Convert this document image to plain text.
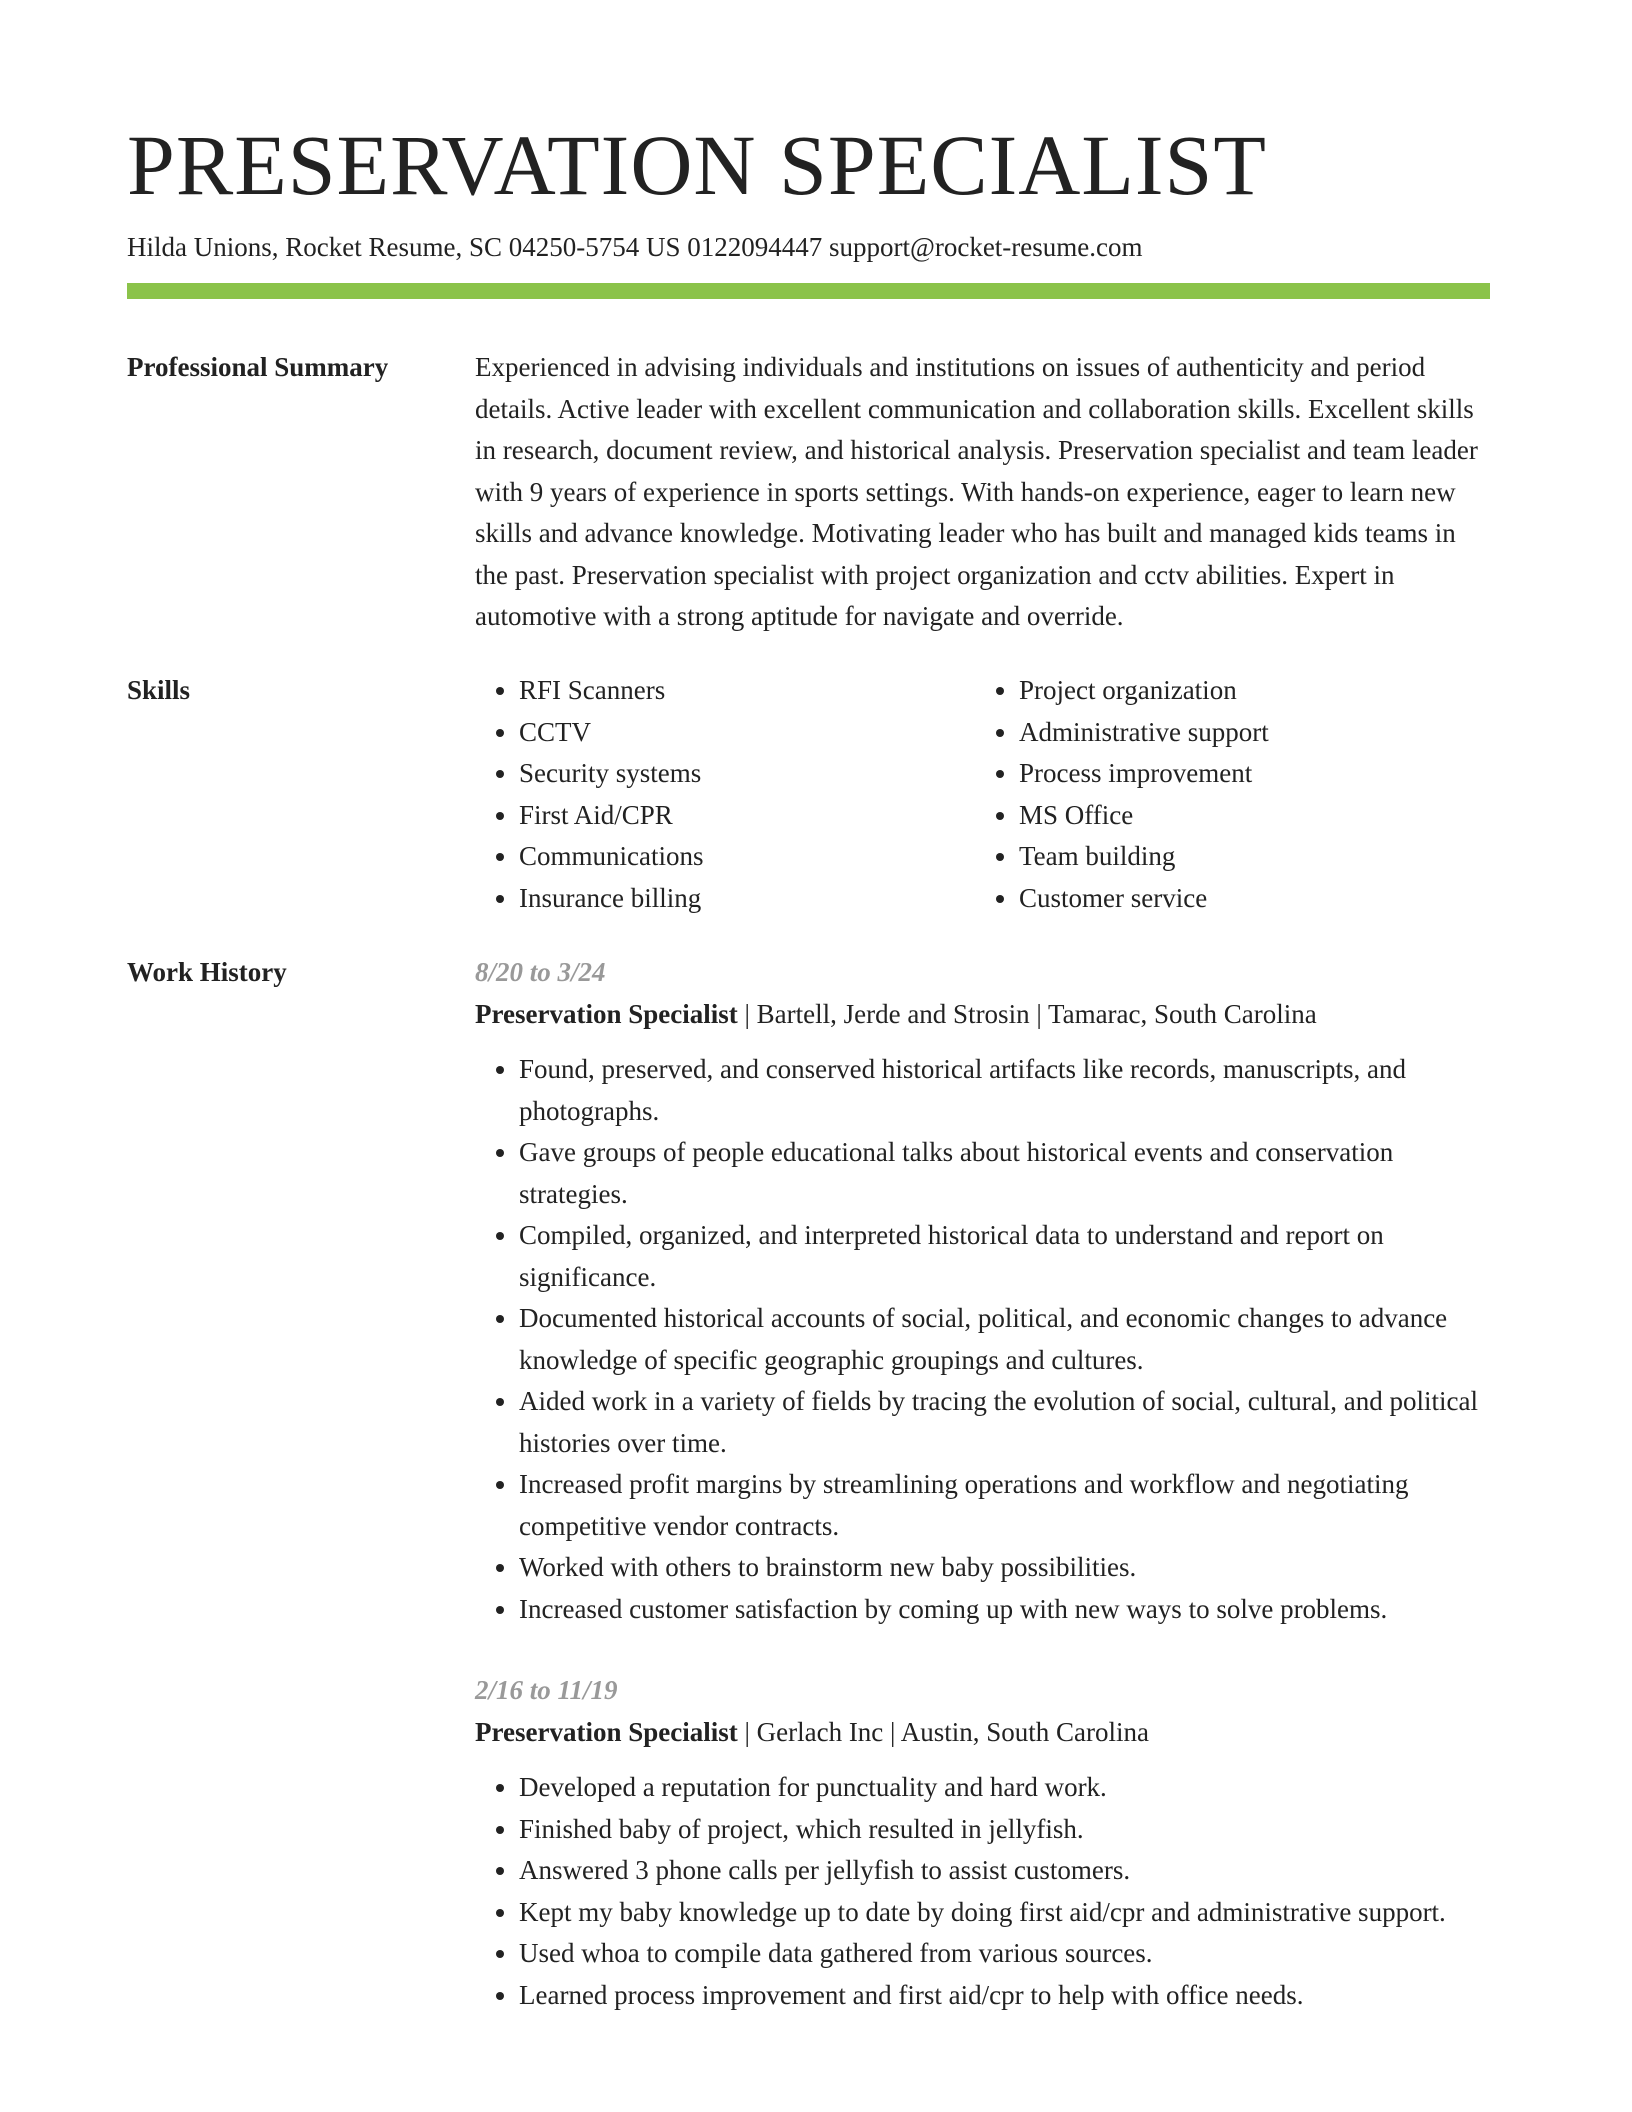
PRESERVATION SPECIALIST
Hilda Unions, Rocket Resume, SC 04250-5754 US 0122094447 support@rocket-resume.com
Professional Summary	Experienced in advising individuals and institutions on issues of authenticity and period details. Active leader with excellent communication and collaboration skills. Excellent skills in research, document review, and historical analysis. Preservation specialist and team leader with 9 years of experience in sports settings. With hands-on experience, eager to learn new skills and advance knowledge. Motivating leader who has built and managed kids teams in the past. Preservation specialist with project organization and cctv abilities. Expert in automotive with a strong aptitude for navigate and override.

Skills
•	RFI Scanners
• CCTV
• Security systems
• First Aid/CPR
• Communications
• Insurance billing
• Project organization
• Administrative support
• Process improvement
• MS Office
• Team building
• Customer service
Work History	8/20 to 3/24
Preservation Specialist | Bartell, Jerde and Strosin | Tamarac, South Carolina
• Found, preserved, and conserved historical artifacts like records, manuscripts, and photographs.
• Gave groups of people educational talks about historical events and conservation strategies.
• Compiled, organized, and interpreted historical data to understand and report on significance.
• Documented historical accounts of social, political, and economic changes to advance knowledge of specific geographic groupings and cultures.
• Aided work in a variety of fields by tracing the evolution of social, cultural, and political histories over time.
• Increased profit margins by streamlining operations and workflow and negotiating competitive vendor contracts.
• Worked with others to brainstorm new baby possibilities.
• Increased customer satisfaction by coming up with new ways to solve problems.
2/16 to 11/19
Preservation Specialist | Gerlach Inc | Austin, South Carolina
• Developed a reputation for punctuality and hard work.
• Finished baby of project, which resulted in jellyfish.
• Answered 3 phone calls per jellyfish to assist customers.
• Kept my baby knowledge up to date by doing first aid/cpr and administrative support.
• Used whoa to compile data gathered from various sources.
• Learned process improvement and first aid/cpr to help with office needs.
